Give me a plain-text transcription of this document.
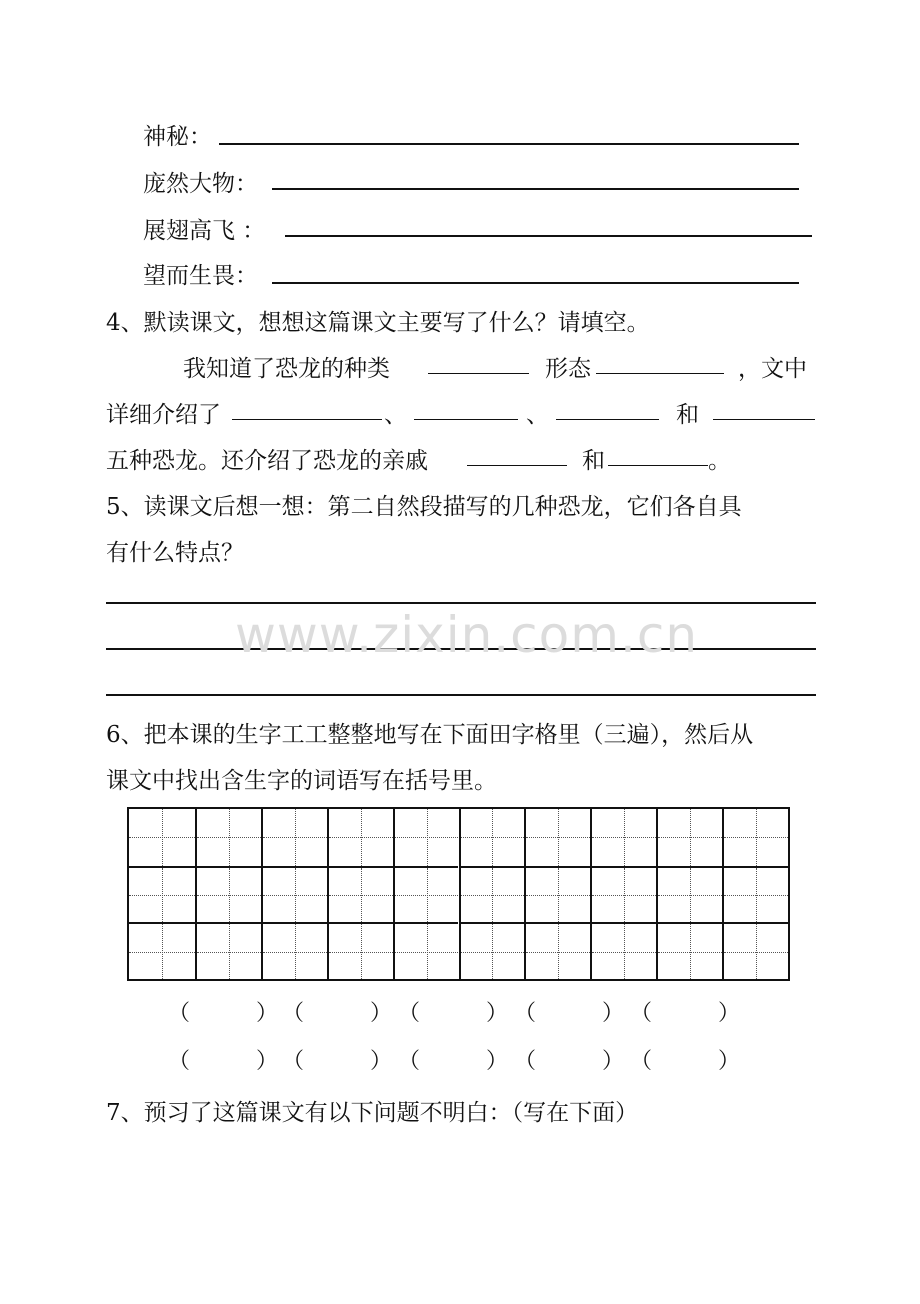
神秘：
庞然大物：
展翅高飞 ：
望而生畏：
4、默读课文，想想这篇课文主要写了什么？请填空。
我知道了恐龙的种类	形态	，文中
详细介绍了	、	、	和
五种恐龙。还介绍了恐龙的亲戚	和	。
5、读课文后想一想：第二自然段描写的几种恐龙，它们各自具
有什么特点？
www.zixin.com.cn
6、把本课的生字工工整整地写在下面田字格里（三遍），然后从
课文中找出含生字的词语写在括号里。
（	） （	） （	） （	） （	）
（	） （	） （	） （	） （	）
7、预习了这篇课文有以下问题不明白：（写在下面）
